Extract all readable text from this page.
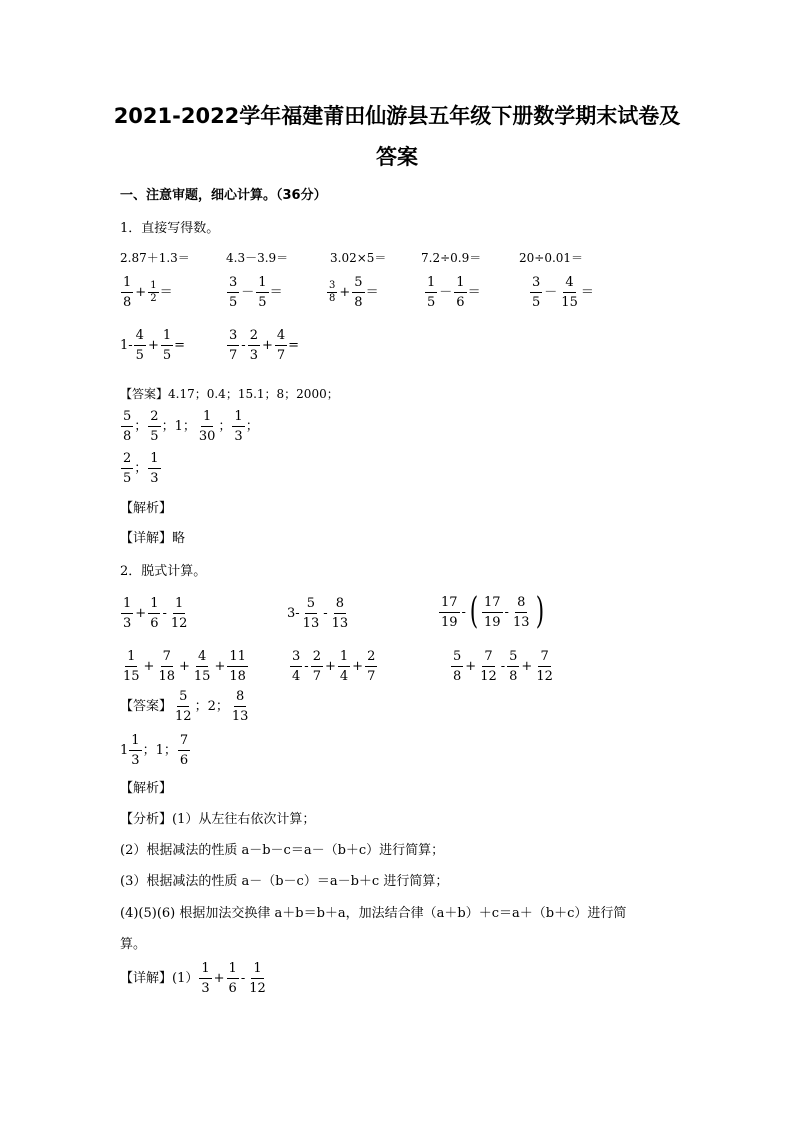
2021-2022学年福建莆田仙游县五年级下册数学期末试卷及
答案
一、注意审题，细心计算。（36分）
1．直接写得数。
2.87＋1.3＝	4.3－3.9＝	3.02×5＝	7.2÷0.9＝	20÷0.01＝
$\frac{1}{8} + \frac{1}{2}$ ＝	$\frac{3}{5} - \frac{1}{5}$ ＝	$\frac{3}{8} + \frac{5}{8}$ ＝	$\frac{1}{5} - \frac{1}{6}$ ＝	$\frac{3}{5} - \frac{4}{15}$ ＝
$1- \frac{4}{5} + \frac{1}{5}$ =	$\frac{3}{7} - \frac{2}{3} + \frac{4}{7}$ =
【答案】4.17；0.4；15.1；8；2000；
$\frac{5}{8}$ ； $\frac{2}{5}$ ；1； $\frac{1}{30}$ ； $\frac{1}{3}$ ；
$\frac{2}{5}$ ； $\frac{1}{3}$
【解析】
【详解】略
2．脱式计算。
$\frac{1}{3} + \frac{1}{6} - \frac{1}{12}$	$3- \frac{5}{13} - \frac{8}{13}$	$\frac{17}{19}$ - ( $\frac{17}{19} - \frac{8}{13}$ )
$\frac{1}{15} + \frac{7}{18} + \frac{4}{15} + \frac{11}{18}$	$\frac{3}{4} - \frac{2}{7} + \frac{1}{4} + \frac{2}{7}$	$\frac{5}{8} + \frac{7}{12} - \frac{5}{8} + \frac{7}{12}$
【答案】 $\frac{5}{12}$ ；2； $\frac{8}{13}$
$1 \frac{1}{3}$ ；1； $\frac{7}{6}$
【解析】
【分析】(1）从左往右依次计算；
(2）根据减法的性质 a－b－c＝a－（b＋c）进行简算；
(3）根据减法的性质 a－（b－c）＝a－b＋c 进行简算；
(4)(5)(6) 根据加法交换律 a＋b＝b＋a，加法结合律（a＋b）＋c＝a＋（b＋c）进行简
算。
【详解】 $(1) \frac{1}{3} + \frac{1}{6} - \frac{1}{12}$
